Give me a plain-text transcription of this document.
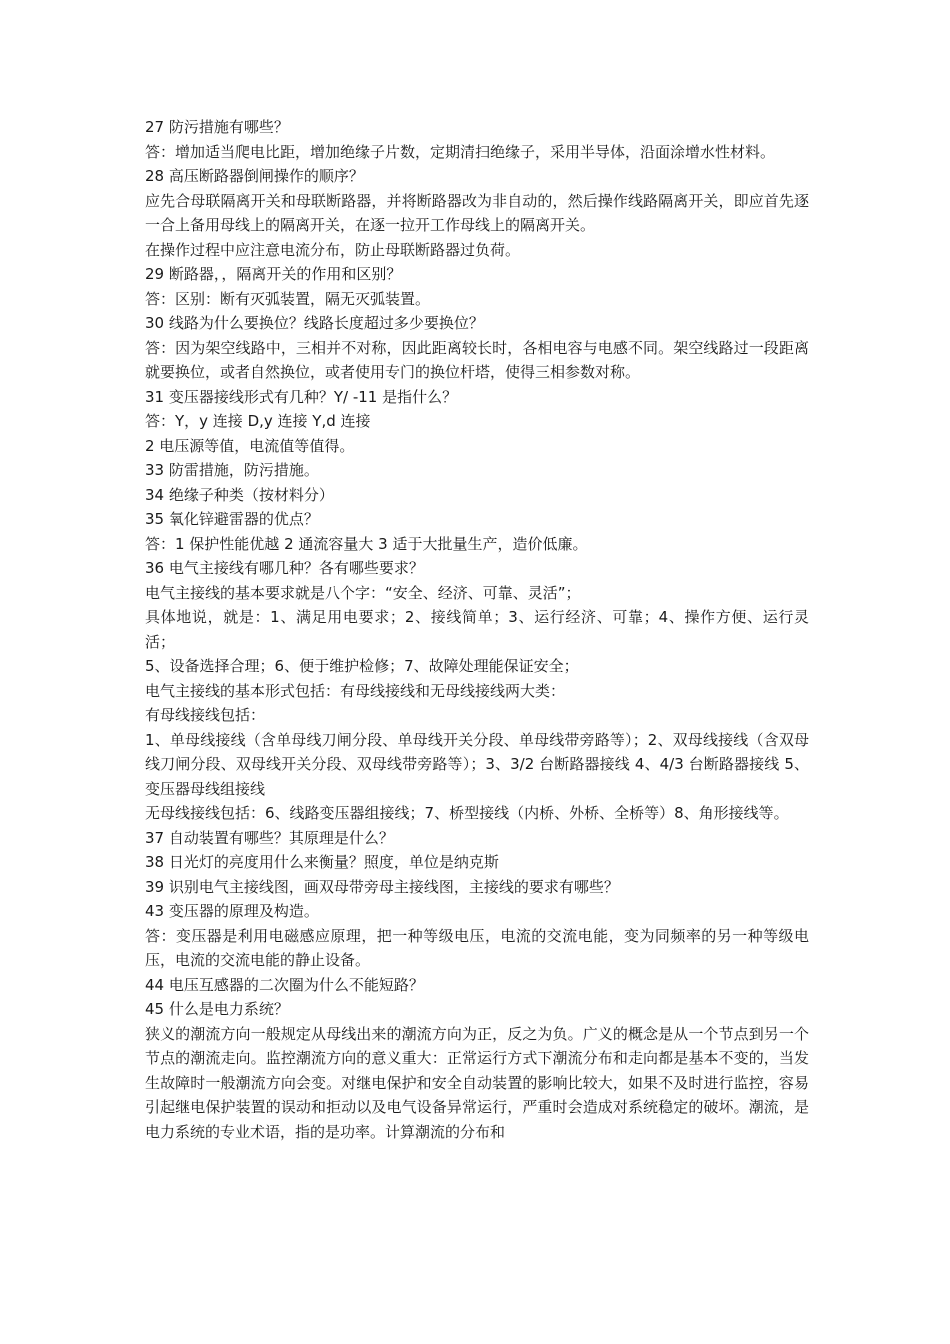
27 防污措施有哪些？

答：增加适当爬电比距，增加绝缘子片数，定期清扫绝缘子，采用半导体，沿面涂增水性材料。

28 高压断路器倒闸操作的顺序？

应先合母联隔离开关和母联断路器，并将断路器改为非自动的，然后操作线路隔离开关，即应首先逐一合上备用母线上的隔离开关，在逐一拉开工作母线上的隔离开关。

在操作过程中应注意电流分布，防止母联断路器过负荷。

29 断路器，，隔离开关的作用和区别？

答：区别：断有灭弧装置，隔无灭弧装置。

30 线路为什么要换位？线路长度超过多少要换位？

答：因为架空线路中，三相并不对称，因此距离较长时，各相电容与电感不同。架空线路过一段距离就要换位，或者自然换位，或者使用专门的换位杆塔，使得三相参数对称。

31 变压器接线形式有几种？Y/ -11 是指什么？

答：Y，y 连接 D,y 连接 Y,d 连接

2 电压源等值，电流值等值得。

33 防雷措施，防污措施。

34 绝缘子种类（按材料分）

35 氧化锌避雷器的优点？

答：1 保护性能优越 2 通流容量大 3 适于大批量生产，造价低廉。

36 电气主接线有哪几种？各有哪些要求？

电气主接线的基本要求就是八个字：“安全、经济、可靠、灵活”；

具体地说，就是：1、满足用电要求；2、接线简单；3、运行经济、可靠；4、操作方便、运行灵活；

5、设备选择合理；6、便于维护检修；7、故障处理能保证安全；

电气主接线的基本形式包括：有母线接线和无母线接线两大类：

有母线接线包括：

1、单母线接线（含单母线刀闸分段、单母线开关分段、单母线带旁路等）；2、双母线接线（含双母线刀闸分段、双母线开关分段、双母线带旁路等）；3、3/2 台断路器接线 4、4/3 台断路器接线 5、变压器母线组接线

无母线接线包括：6、线路变压器组接线；7、桥型接线（内桥、外桥、全桥等）8、角形接线等。

37 自动装置有哪些？其原理是什么？

38 日光灯的亮度用什么来衡量？照度，单位是纳克斯

39 识别电气主接线图，画双母带旁母主接线图，主接线的要求有哪些？

43 变压器的原理及构造。

答：变压器是利用电磁感应原理，把一种等级电压，电流的交流电能，变为同频率的另一种等级电压，电流的交流电能的静止设备。

44 电压互感器的二次圈为什么不能短路？

45 什么是电力系统？

狭义的潮流方向一般规定从母线出来的潮流方向为正，反之为负。广义的概念是从一个节点到另一个节点的潮流走向。监控潮流方向的意义重大：正常运行方式下潮流分布和走向都是基本不变的，当发生故障时一般潮流方向会变。对继电保护和安全自动装置的影响比较大，如果不及时进行监控，容易引起继电保护装置的误动和拒动以及电气设备异常运行，严重时会造成对系统稳定的破坏。潮流，是电力系统的专业术语，指的是功率。计算潮流的分布和
